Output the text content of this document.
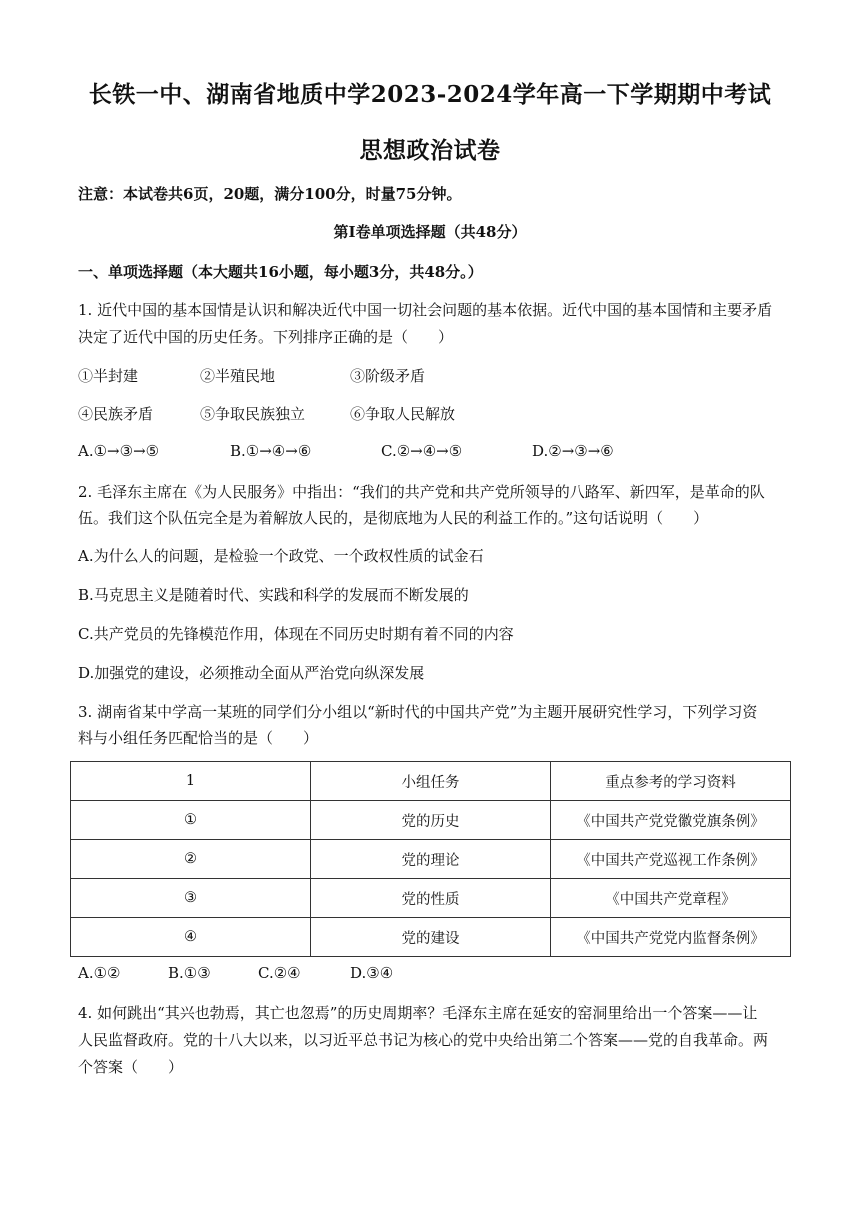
长铁一中、湖南省地质中学2023-2024学年高一下学期期中考试
思想政治试卷
注意：本试卷共6页，20题，满分100分，时量75分钟。
第Ⅰ卷单项选择题（共48分）
一、单项选择题（本大题共16小题，每小题3分，共48分。）
1. 近代中国的基本国情是认识和解决近代中国一切社会问题的基本依据。近代中国的基本国情和主要矛盾
决定了近代中国的历史任务。下列排序正确的是（　　）
①半封建	②半殖民地	③阶级矛盾
④民族矛盾	⑤争取民族独立	⑥争取人民解放
A.①→③→⑤	B.①→④→⑥	C.②→④→⑤	D.②→③→⑥
2. 毛泽东主席在《为人民服务》中指出：“我们的共产党和共产党所领导的八路军、新四军，是革命的队
伍。我们这个队伍完全是为着解放人民的，是彻底地为人民的利益工作的。”这句话说明（　　）
A.为什么人的问题，是检验一个政党、一个政权性质的试金石
B.马克思主义是随着时代、实践和科学的发展而不断发展的
C.共产党员的先锋模范作用，体现在不同历史时期有着不同的内容
D.加强党的建设，必须推动全面从严治党向纵深发展
3. 湖南省某中学高一某班的同学们分小组以“新时代的中国共产党”为主题开展研究性学习，下列学习资
料与小组任务匹配恰当的是（　　）
1	小组任务	重点参考的学习资料
①	党的历史	《中国共产党党徽党旗条例》
②	党的理论	《中国共产党巡视工作条例》
③	党的性质	《中国共产党章程》
④	党的建设	《中国共产党党内监督条例》
A.①②	B.①③	C.②④	D.③④
4. 如何跳出“其兴也勃焉，其亡也忽焉”的历史周期率？毛泽东主席在延安的窑洞里给出一个答案——让
人民监督政府。党的十八大以来，以习近平总书记为核心的党中央给出第二个答案——党的自我革命。两
个答案（　　）
